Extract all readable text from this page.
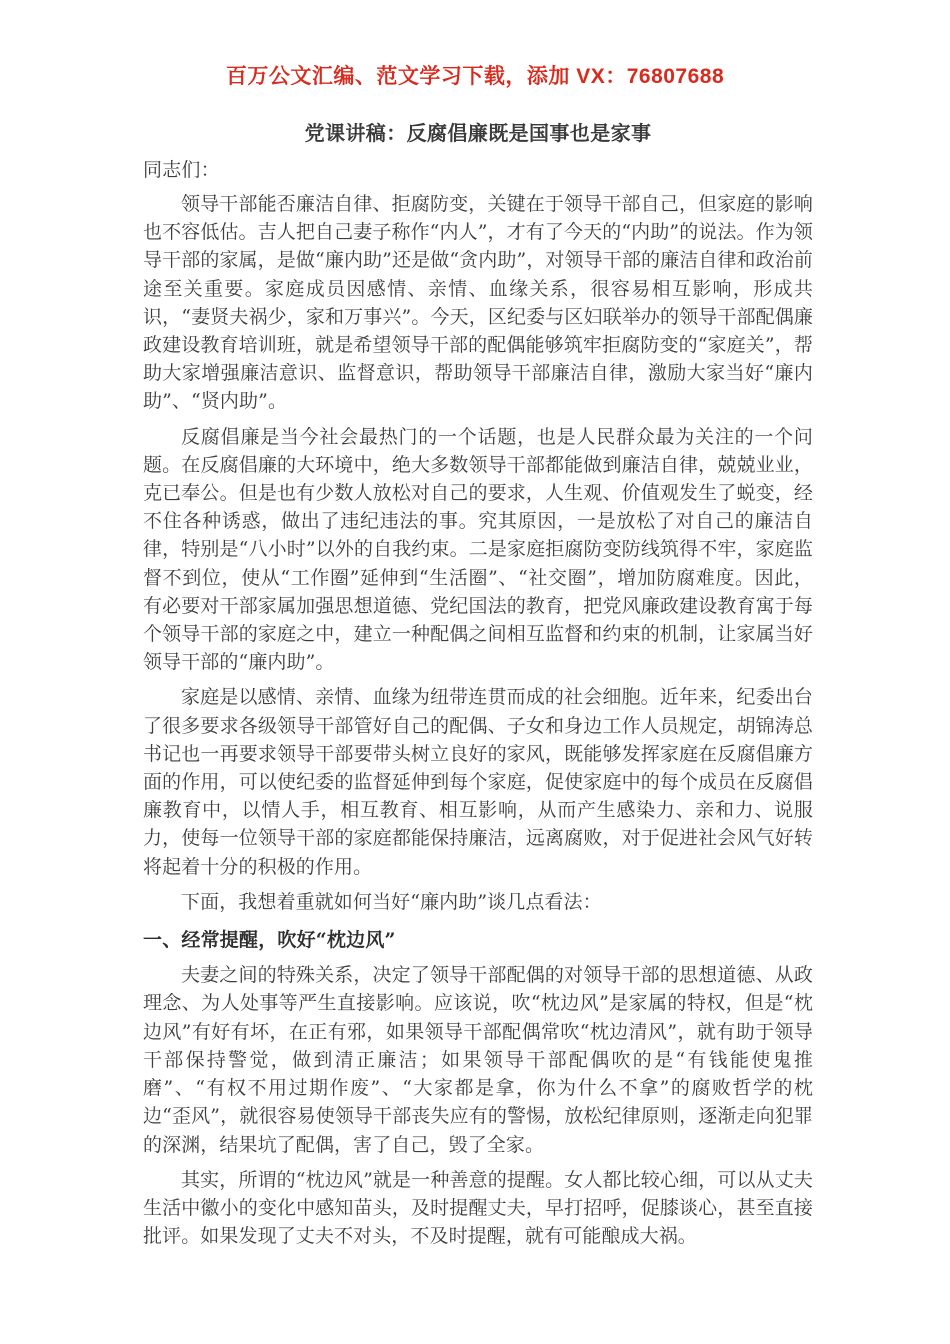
百万公文汇编、范文学习下载，添加 VX：76807688
党课讲稿：反腐倡廉既是国事也是家事
同志们：

领导干部能否廉洁自律、拒腐防变，关键在于领导干部自己，但家庭的影响也不容低估。吉人把自己妻子称作“内人”，才有了今天的“内助”的说法。作为领导干部的家属，是做“廉内助”还是做“贪内助”，对领导干部的廉洁自律和政治前途至关重要。家庭成员因感情、亲情、血缘关系，很容易相互影响，形成共识，“妻贤夫祸少，家和万事兴”。今天，区纪委与区妇联举办的领导干部配偶廉政建设教育培训班，就是希望领导干部的配偶能够筑牢拒腐防变的“家庭关”，帮助大家增强廉洁意识、监督意识，帮助领导干部廉洁自律，激励大家当好“廉内助”、“贤内助”。

反腐倡廉是当今社会最热门的一个话题，也是人民群众最为关注的一个问题。在反腐倡廉的大环境中，绝大多数领导干部都能做到廉洁自律，兢兢业业，克已奉公。但是也有少数人放松对自己的要求，人生观、价值观发生了蜕变，经不住各种诱惑，做出了违纪违法的事。究其原因，一是放松了对自己的廉洁自律，特别是“八小时”以外的自我约束。二是家庭拒腐防变防线筑得不牢，家庭监督不到位，使从“工作圈”延伸到“生活圈”、“社交圈”，增加防腐难度。因此，有必要对干部家属加强思想道德、党纪国法的教育，把党风廉政建设教育寓于每个领导干部的家庭之中，建立一种配偶之间相互监督和约束的机制，让家属当好领导干部的“廉内助”。

家庭是以感情、亲情、血缘为纽带连贯而成的社会细胞。近年来，纪委出台了很多要求各级领导干部管好自己的配偶、子女和身边工作人员规定，胡锦涛总书记也一再要求领导干部要带头树立良好的家风，既能够发挥家庭在反腐倡廉方面的作用，可以使纪委的监督延伸到每个家庭，促使家庭中的每个成员在反腐倡廉教育中，以情人手，相互教育、相互影响，从而产生感染力、亲和力、说服力，使每一位领导干部的家庭都能保持廉洁，远离腐败，对于促进社会风气好转将起着十分的积极的作用。

下面，我想着重就如何当好“廉内助”谈几点看法：

一、经常提醒，吹好“枕边风”

夫妻之间的特殊关系，决定了领导干部配偶的对领导干部的思想道德、从政理念、为人处事等严生直接影响。应该说，吹“枕边风”是家属的特权，但是“枕边风”有好有坏，在正有邪，如果领导干部配偶常吹“枕边清风”，就有助于领导干部保持警觉，做到清正廉洁；如果领导干部配偶吹的是“有钱能使鬼推磨”、“有权不用过期作废”、“大家都是拿，你为什么不拿”的腐败哲学的枕边“歪风”，就很容易使领导干部丧失应有的警惕，放松纪律原则，逐渐走向犯罪的深渊，结果坑了配偶，害了自己，毁了全家。

其实，所谓的“枕边风”就是一种善意的提醒。女人都比较心细，可以从丈夫生活中徽小的变化中感知苗头，及时提醒丈夫，早打招呼，促膝谈心，甚至直接批评。如果发现了丈夫不对头，不及时提醒，就有可能酿成大祸。
